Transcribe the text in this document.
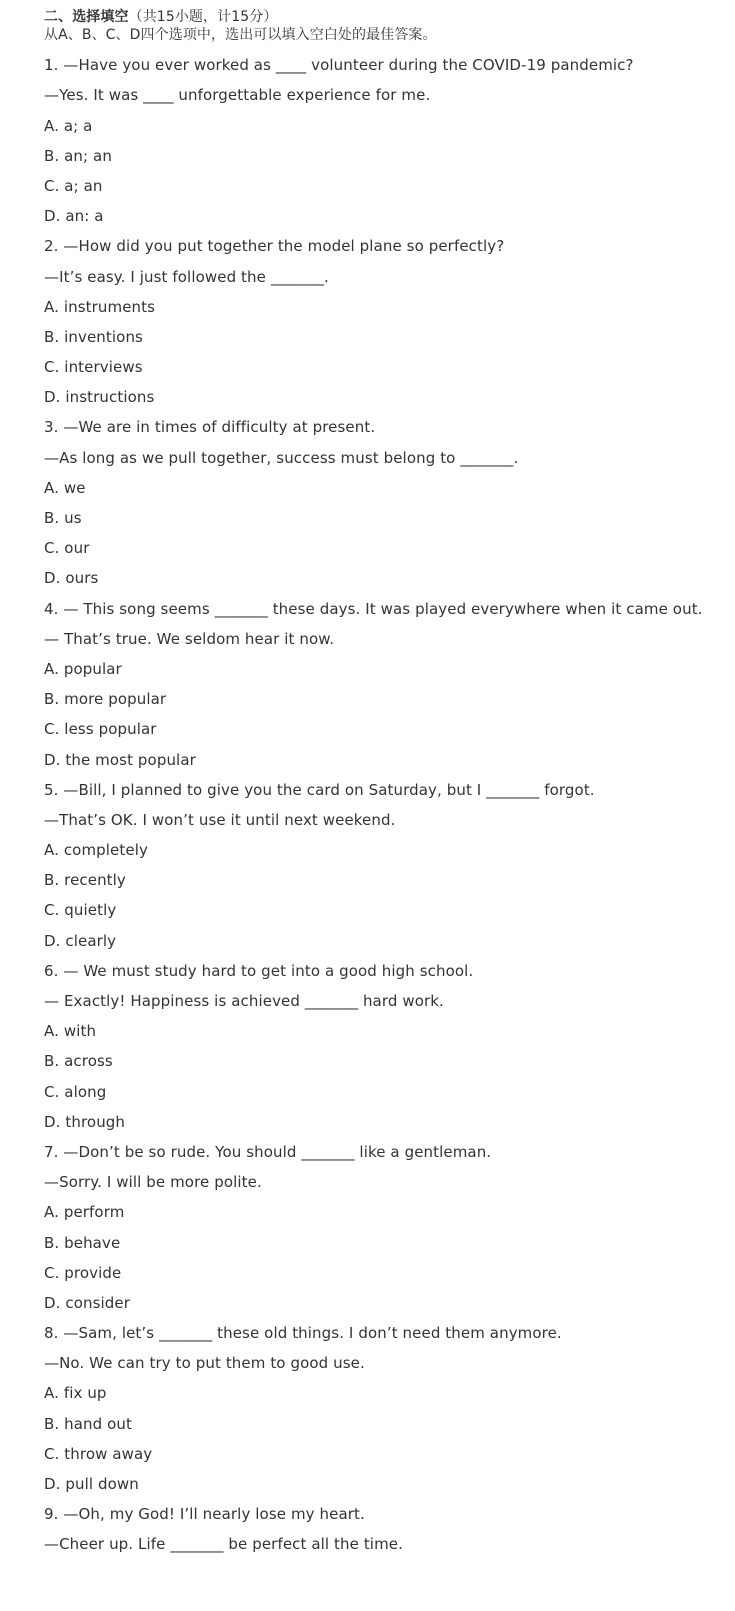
二、选择填空（共15小题，计15分）
从A、B、C、D四个选项中，选出可以填入空白处的最佳答案。
1. —Have you ever worked as ____ volunteer during the COVID-19 pandemic?
—Yes. It was ____ unforgettable experience for me.
A. a; a
B. an; an
C. a; an
D. an: a
2. —How did you put together the model plane so perfectly?
—It’s easy. I just followed the _______.
A. instruments
B. inventions
C. interviews
D. instructions
3. —We are in times of difficulty at present.
—As long as we pull together, success must belong to _______.
A. we
B. us
C. our
D. ours
4. — This song seems _______ these days. It was played everywhere when it came out.
— That’s true. We seldom hear it now.
A. popular
B. more popular
C. less popular
D. the most popular
5. —Bill, I planned to give you the card on Saturday, but I _______ forgot.
—That’s OK. I won’t use it until next weekend.
A. completely
B. recently
C. quietly
D. clearly
6. — We must study hard to get into a good high school.
— Exactly! Happiness is achieved _______ hard work.
A. with
B. across
C. along
D. through
7. —Don’t be so rude. You should _______ like a gentleman.
—Sorry. I will be more polite.
A. perform
B. behave
C. provide
D. consider
8. —Sam, let’s _______ these old things. I don’t need them anymore.
—No. We can try to put them to good use.
A. fix up
B. hand out
C. throw away
D. pull down
9. —Oh, my God! I’ll nearly lose my heart.
—Cheer up. Life _______ be perfect all the time.
